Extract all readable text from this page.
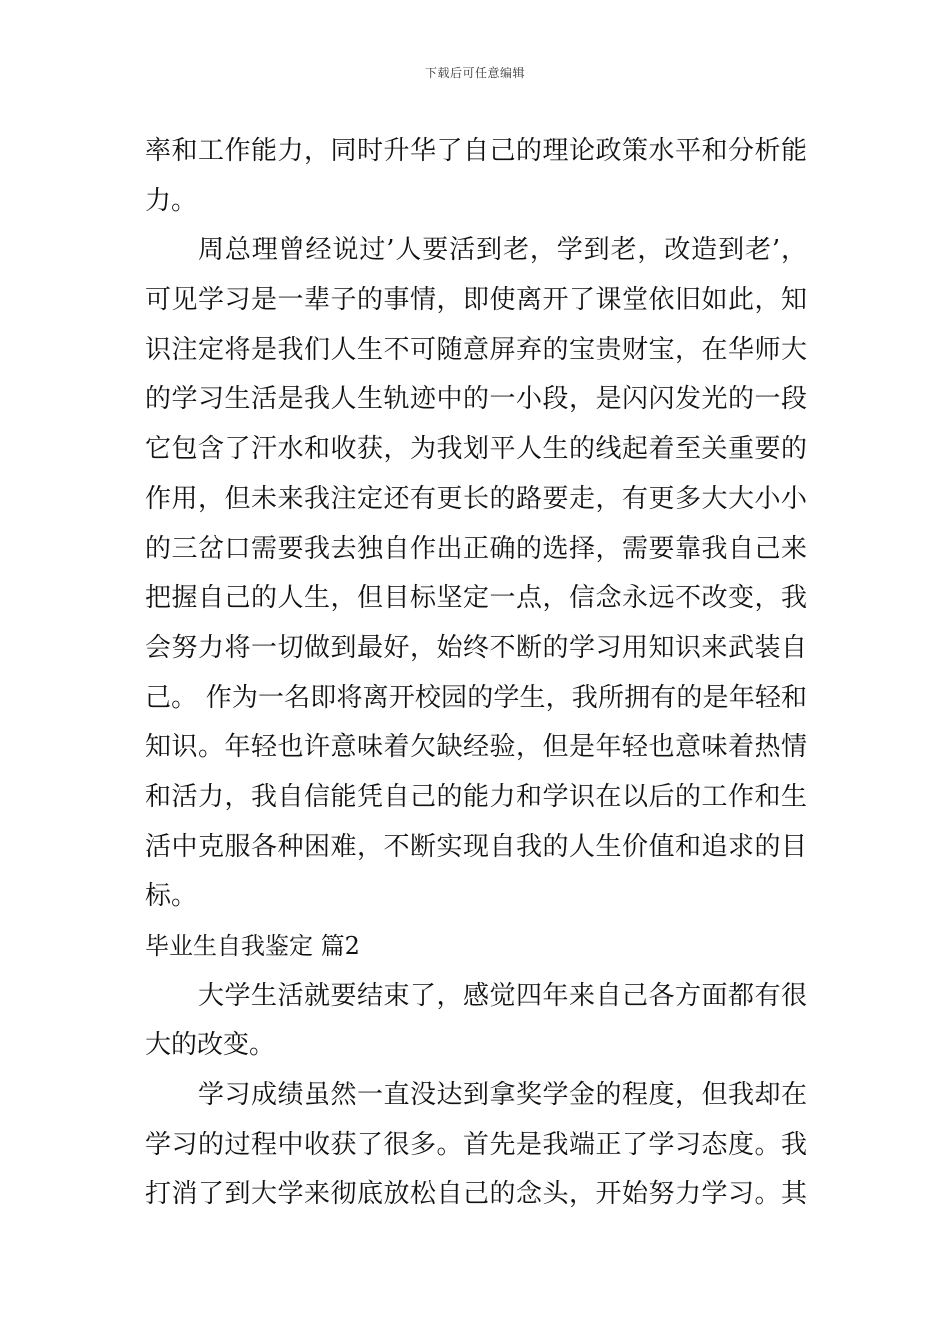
下载后可任意编辑
率和工作能力，同时升华了自己的理论政策水平和分析能
力。
周总理曾经说过’人要活到老，学到老，改造到老’，
可见学习是一辈子的事情，即使离开了课堂依旧如此，知
识注定将是我们人生不可随意屏弃的宝贵财宝，在华师大
的学习生活是我人生轨迹中的一小段，是闪闪发光的一段
它包含了汗水和收获，为我划平人生的线起着至关重要的
作用，但未来我注定还有更长的路要走，有更多大大小小
的三岔口需要我去独自作出正确的选择，需要靠我自己来
把握自己的人生，但目标坚定一点，信念永远不改变，我
会努力将一切做到最好，始终不断的学习用知识来武装自
己。 作为一名即将离开校园的学生，我所拥有的是年轻和
知识。年轻也许意味着欠缺经验，但是年轻也意味着热情
和活力，我自信能凭自己的能力和学识在以后的工作和生
活中克服各种困难，不断实现自我的人生价值和追求的目
标。
毕业生自我鉴定 篇2
大学生活就要结束了，感觉四年来自己各方面都有很
大的改变。
学习成绩虽然一直没达到拿奖学金的程度，但我却在
学习的过程中收获了很多。首先是我端正了学习态度。我
打消了到大学来彻底放松自己的念头，开始努力学习。其
